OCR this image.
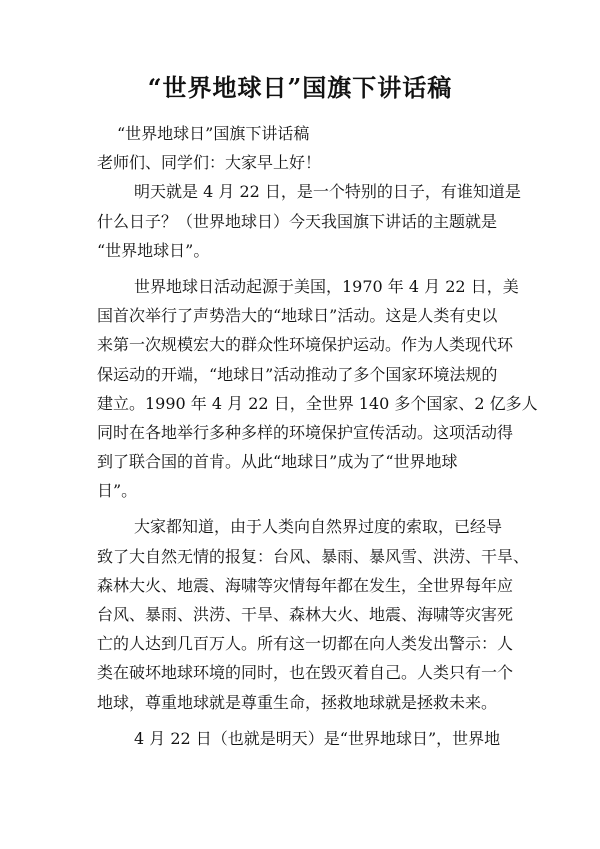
“世界地球日”国旗下讲话稿
“世界地球日”国旗下讲话稿
老师们、同学们：大家早上好！
明天就是 4 月 22 日，是一个特别的日子，有谁知道是
什么日子？（世界地球日）今天我国旗下讲话的主题就是
“世界地球日”。
世界地球日活动起源于美国，1970 年 4 月 22 日，美
国首次举行了声势浩大的“地球日”活动。这是人类有史以
来第一次规模宏大的群众性环境保护运动。作为人类现代环
保运动的开端，“地球日”活动推动了多个国家环境法规的
建立。1990 年 4 月 22 日，全世界 140 多个国家、2 亿多人
同时在各地举行多种多样的环境保护宣传活动。这项活动得
到了联合国的首肯。从此“地球日”成为了“世界地球
日”。
大家都知道，由于人类向自然界过度的索取，已经导
致了大自然无情的报复：台风、暴雨、暴风雪、洪涝、干旱、
森林大火、地震、海啸等灾情每年都在发生，全世界每年应
台风、暴雨、洪涝、干旱、森林大火、地震、海啸等灾害死
亡的人达到几百万人。所有这一切都在向人类发出警示：人
类在破坏地球环境的同时，也在毁灭着自己。人类只有一个
地球，尊重地球就是尊重生命，拯救地球就是拯救未来。
4 月 22 日（也就是明天）是“世界地球日”，世界地
